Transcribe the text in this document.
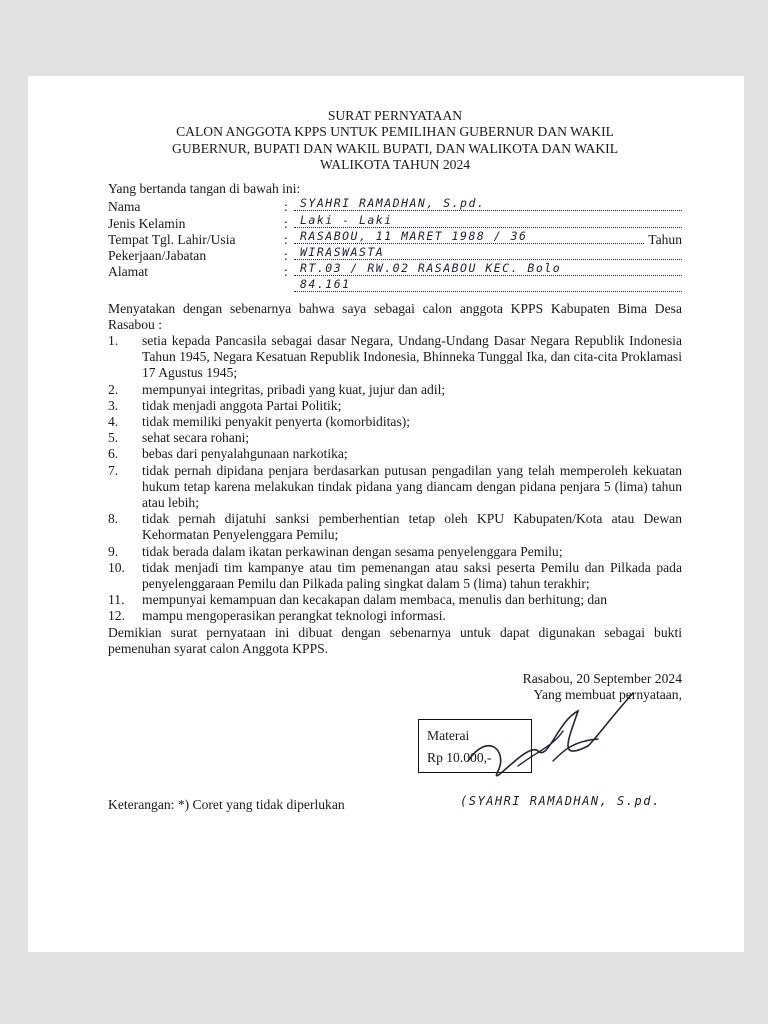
SURAT PERNYATAAN
CALON ANGGOTA KPPS UNTUK PEMILIHAN GUBERNUR DAN WAKIL
GUBERNUR, BUPATI DAN WAKIL BUPATI, DAN WALIKOTA DAN WAKIL
WALIKOTA TAHUN 2024
Yang bertanda tangan di bawah ini:
Nama	:	SYAHRI RAMADHAN, S.pd.
Jenis Kelamin	:	Laki - Laki
Tempat Tgl. Lahir/Usia	:	RASABOU, 11 MARET 1988 / 36	Tahun
Pekerjaan/Jabatan	:	WIRASWASTA
Alamat	:	RT.03 / RW.02 RASABOU KEC. Bolo
84.161
Menyatakan dengan sebenarnya bahwa saya sebagai calon anggota KPPS Kabupaten Bima Desa Rasabou :
1. setia kepada Pancasila sebagai dasar Negara, Undang-Undang Dasar Negara Republik Indonesia Tahun 1945, Negara Kesatuan Republik Indonesia, Bhinneka Tunggal Ika, dan cita-cita Proklamasi 17 Agustus 1945;
2. mempunyai integritas, pribadi yang kuat, jujur dan adil;
3. tidak menjadi anggota Partai Politik;
4. tidak memiliki penyakit penyerta (komorbiditas);
5. sehat secara rohani;
6. bebas dari penyalahgunaan narkotika;
7. tidak pernah dipidana penjara berdasarkan putusan pengadilan yang telah memperoleh kekuatan hukum tetap karena melakukan tindak pidana yang diancam dengan pidana penjara 5 (lima) tahun atau lebih;
8. tidak pernah dijatuhi sanksi pemberhentian tetap oleh KPU Kabupaten/Kota atau Dewan Kehormatan Penyelenggara Pemilu;
9. tidak berada dalam ikatan perkawinan dengan sesama penyelenggara Pemilu;
10. tidak menjadi tim kampanye atau tim pemenangan atau saksi peserta Pemilu dan Pilkada pada penyelenggaraan Pemilu dan Pilkada paling singkat dalam 5 (lima) tahun terakhir;
11. mempunyai kemampuan dan kecakapan dalam membaca, menulis dan berhitung; dan
12. mampu mengoperasikan perangkat teknologi informasi.
Demikian surat pernyataan ini dibuat dengan sebenarnya untuk dapat digunakan sebagai bukti pemenuhan syarat calon Anggota KPPS.
Rasabou, 20 September 2024
Yang membuat pernyataan,
Materai
Rp 10.000,-
Keterangan: *) Coret yang tidak diperlukan	(SYAHRI RAMADHAN, S.pd.
